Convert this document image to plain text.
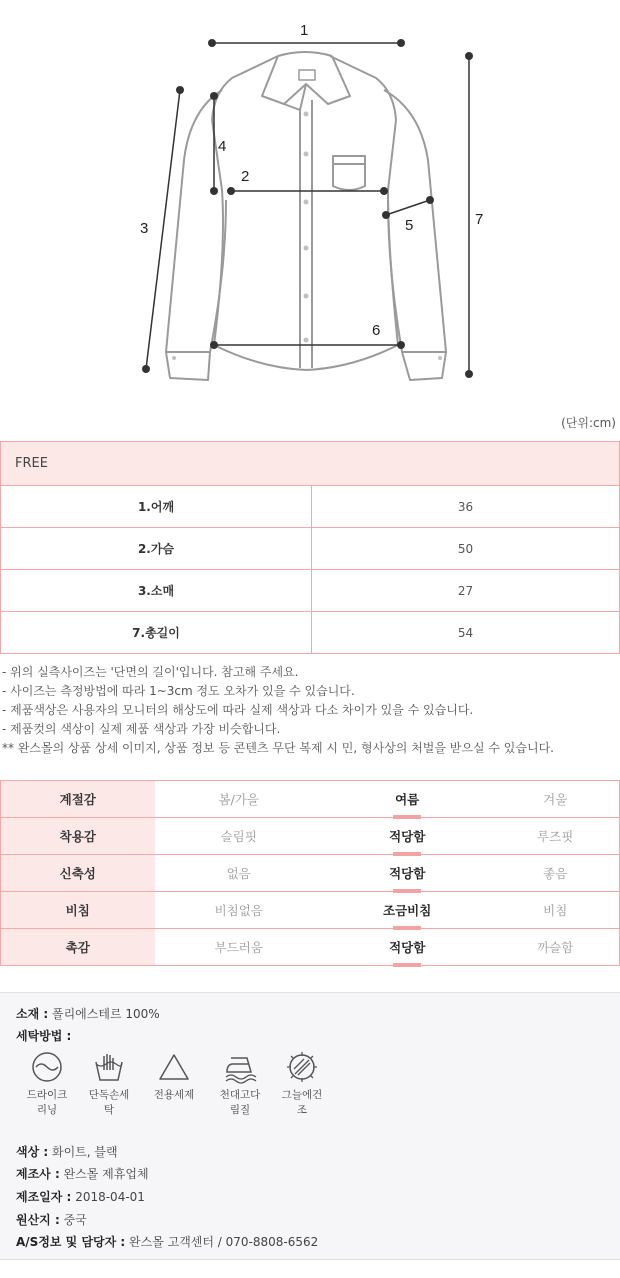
1
2
3
4
5
6
7
(단위:cm)
FREE	
1.어깨	36
2.가슴	50
3.소매	27
7.총길이	54

- 위의 실측사이즈는 '단면의 길이'입니다. 참고해 주세요.

- 사이즈는 측정방법에 따라 1~3cm 정도 오차가 있을 수 있습니다.

- 제품색상은 사용자의 모니터의 해상도에 따라 실제 색상과 다소 차이가 있을 수 있습니다.

- 제품컷의 색상이 실제 제품 색상과 가장 비슷합니다.

** 완스몰의 상품 상세 이미지, 상품 정보 등 콘텐츠 무단 복제 시 민, 형사상의 처벌을 받으실 수 있습니다.

계절감	봄/가을	여름	겨울
착용감	슬림핏	적당함	루즈핏
신축성	없음	적당함	좋음
비침	비침없음	조금비침	비침
촉감	부드러움	적당함	까슬함
소재 : 폴리에스테르 100%
세탁방법 :
색상 : 화이트, 블랙
제조사 : 완스몰 제휴업체
제조일자 : 2018-04-01
원산지 : 중국
A/S정보 및 담당자 : 완스몰 고객센터 / 070-8808-6562
드라이크
리닝
단독손세
탁
전용세제	천대고다
림질
그늘에건
조
